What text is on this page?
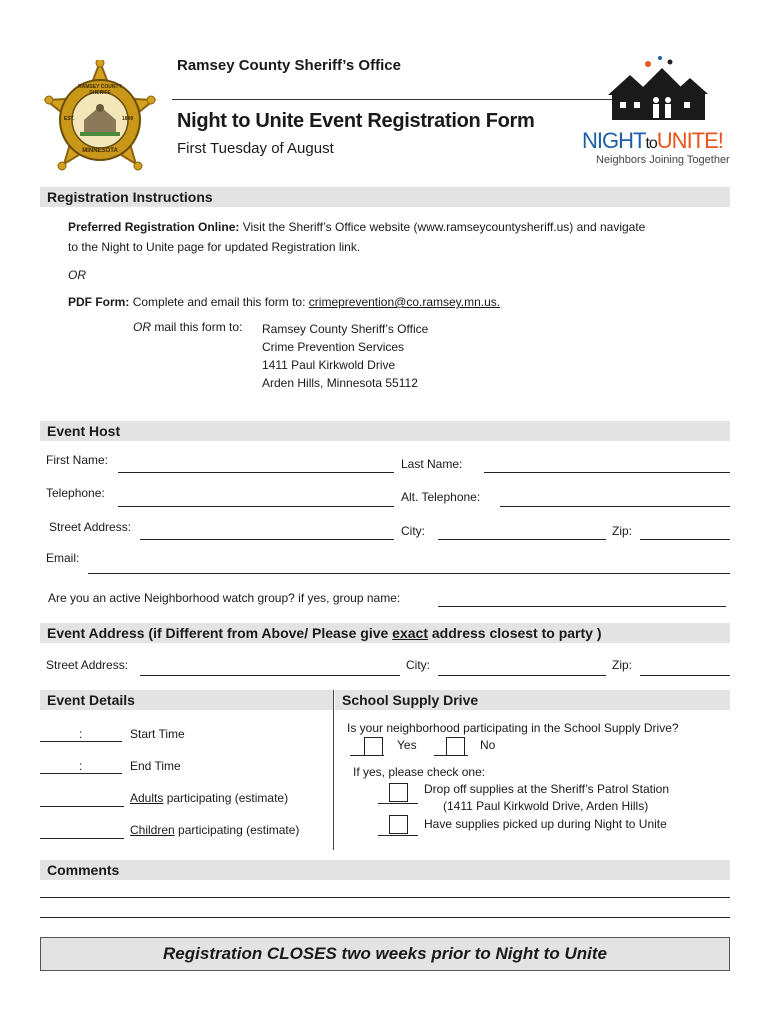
RAMSEY COUNTY SHERIFF
EST.	1849
MINNESOTA
Ramsey County Sheriff’s Office
Night to Unite Event Registration Form
First Tuesday of August	NIGHTtoUNITE!
Neighbors Joining Together
Registration Instructions
Preferred Registration Online: Visit the Sheriff’s Office website (www.ramseycountysheriff.us) and navigate
to the Night to Unite page for updated Registration link.
OR
PDF Form: Complete and email this form to: crimeprevention@co.ramsey.mn.us.
OR mail this form to: Ramsey County Sheriff’s Office
Crime Prevention Services
1411 Paul Kirkwold Drive
Arden Hills, Minnesota 55112
Event Host
First Name:	Last Name:
Telephone:	Alt. Telephone:
Street Address:	City:	Zip:
Email:
Are you an active Neighborhood watch group? if yes, group name:
Event Address (if Different from Above/ Please give exact address closest to party )
Street Address:	City:	Zip:
Event Details	School Supply Drive
:	Start Time
:	End Time
Adults participating (estimate)
Children participating (estimate)
Is your neighborhood participating in the School Supply Drive?
Yes	No
If yes, please check one:
Drop off supplies at the Sheriff’s Patrol Station
(1411 Paul Kirkwold Drive, Arden Hills)
Have supplies picked up during Night to Unite
Comments
Registration CLOSES two weeks prior to Night to Unite
